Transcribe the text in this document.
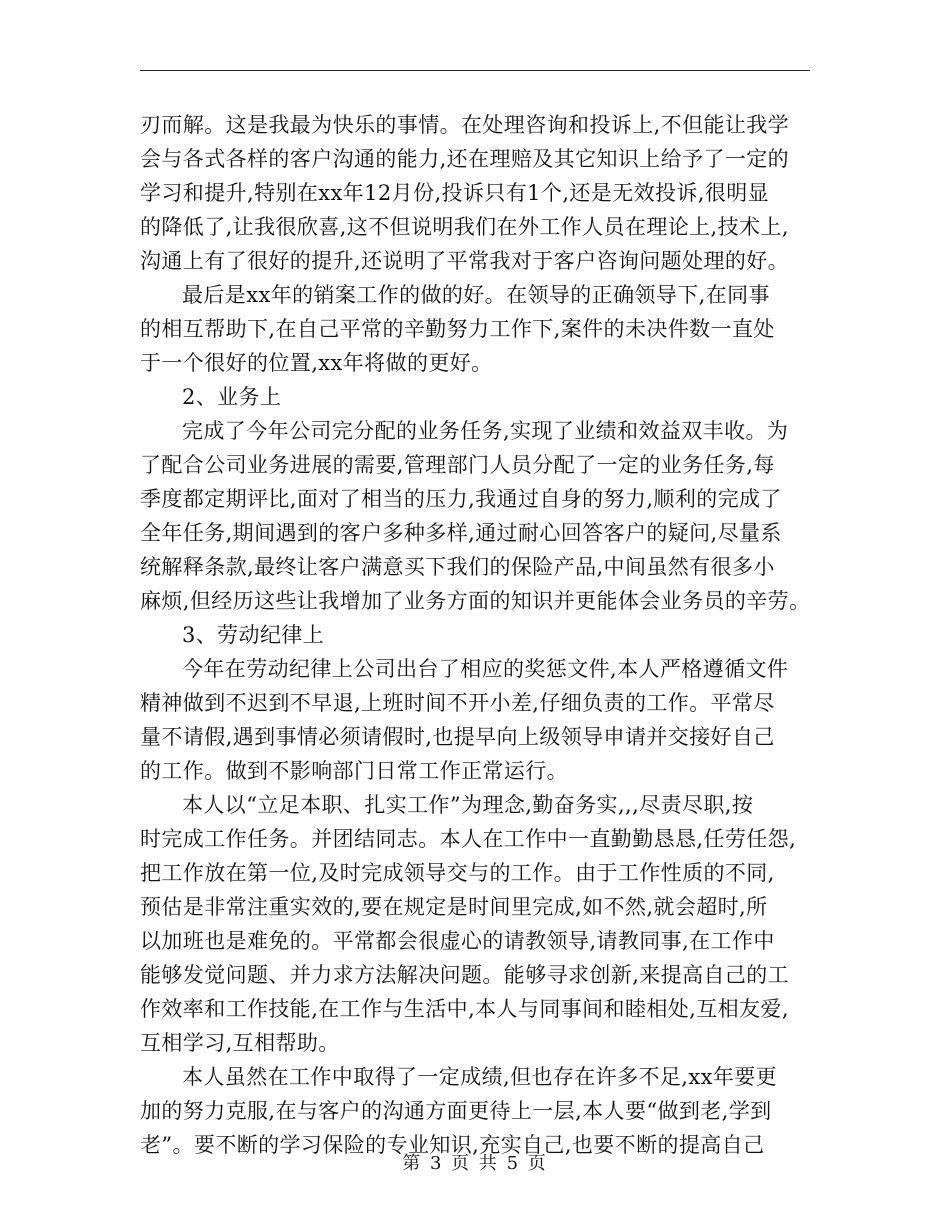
刃而解。这是我最为快乐的事情。在处理咨询和投诉上,不但能让我学
会与各式各样的客户沟通的能力,还在理赔及其它知识上给予了一定的
学习和提升,特别在xx年12月份,投诉只有1个,还是无效投诉,很明显
的降低了,让我很欣喜,这不但说明我们在外工作人员在理论上,技术上,
沟通上有了很好的提升,还说明了平常我对于客户咨询问题处理的好。
最后是xx年的销案工作的做的好。在领导的正确领导下,在同事
的相互帮助下,在自己平常的辛勤努力工作下,案件的未决件数一直处
于一个很好的位置,xx年将做的更好。
2、业务上
完成了今年公司完分配的业务任务,实现了业绩和效益双丰收。为
了配合公司业务进展的需要,管理部门人员分配了一定的业务任务,每
季度都定期评比,面对了相当的压力,我通过自身的努力,顺利的完成了
全年任务,期间遇到的客户多种多样,通过耐心回答客户的疑问,尽量系
统解释条款,最终让客户满意买下我们的保险产品,中间虽然有很多小
麻烦,但经历这些让我增加了业务方面的知识并更能体会业务员的辛劳。
3、劳动纪律上
今年在劳动纪律上公司出台了相应的奖惩文件,本人严格遵循文件
精神做到不迟到不早退,上班时间不开小差,仔细负责的工作。平常尽
量不请假,遇到事情必须请假时,也提早向上级领导申请并交接好自己
的工作。做到不影响部门日常工作正常运行。
本人以“立足本职、扎实工作”为理念,勤奋务实,,,尽责尽职,按
时完成工作任务。并团结同志。本人在工作中一直勤勤恳恳,任劳任怨,
把工作放在第一位,及时完成领导交与的工作。由于工作性质的不同,
预估是非常注重实效的,要在规定是时间里完成,如不然,就会超时,所
以加班也是难免的。平常都会很虚心的请教领导,请教同事,在工作中
能够发觉问题、并力求方法解决问题。能够寻求创新,来提高自己的工
作效率和工作技能,在工作与生活中,本人与同事间和睦相处,互相友爱,
互相学习,互相帮助。
本人虽然在工作中取得了一定成绩,但也存在许多不足,xx年要更
加的努力克服,在与客户的沟通方面更待上一层,本人要“做到老,学到
老”。要不断的学习保险的专业知识,充实自己,也要不断的提高自己
第 3 页 共 5 页
